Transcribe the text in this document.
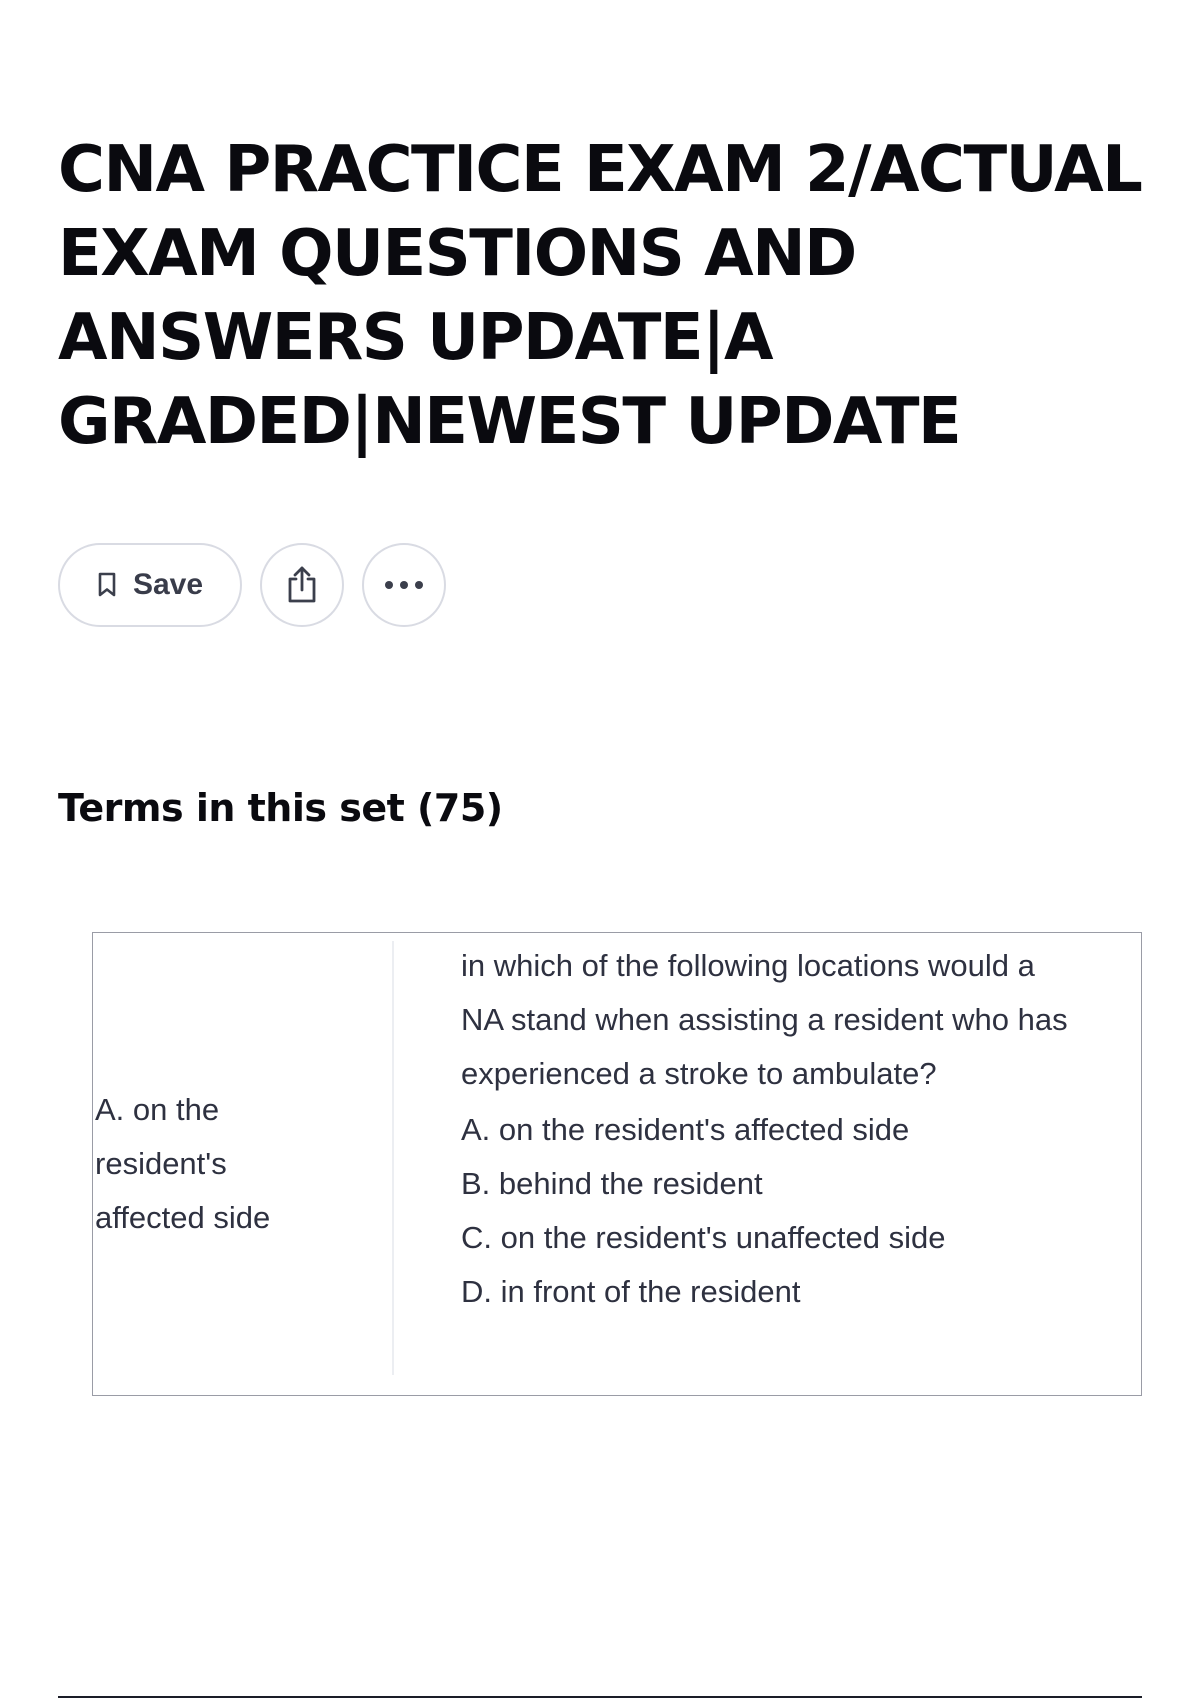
CNA PRACTICE EXAM 2/ACTUAL EXAM QUESTIONS AND ANSWERS UPDATE|A GRADED|NEWEST UPDATE
Save
Terms in this set (75)
A. on the resident's affected side
in which of the following locations would a NA stand when assisting a resident who has experienced a stroke to ambulate?
A. on the resident's affected side
B. behind the resident
C. on the resident's unaffected side
D. in front of the resident
